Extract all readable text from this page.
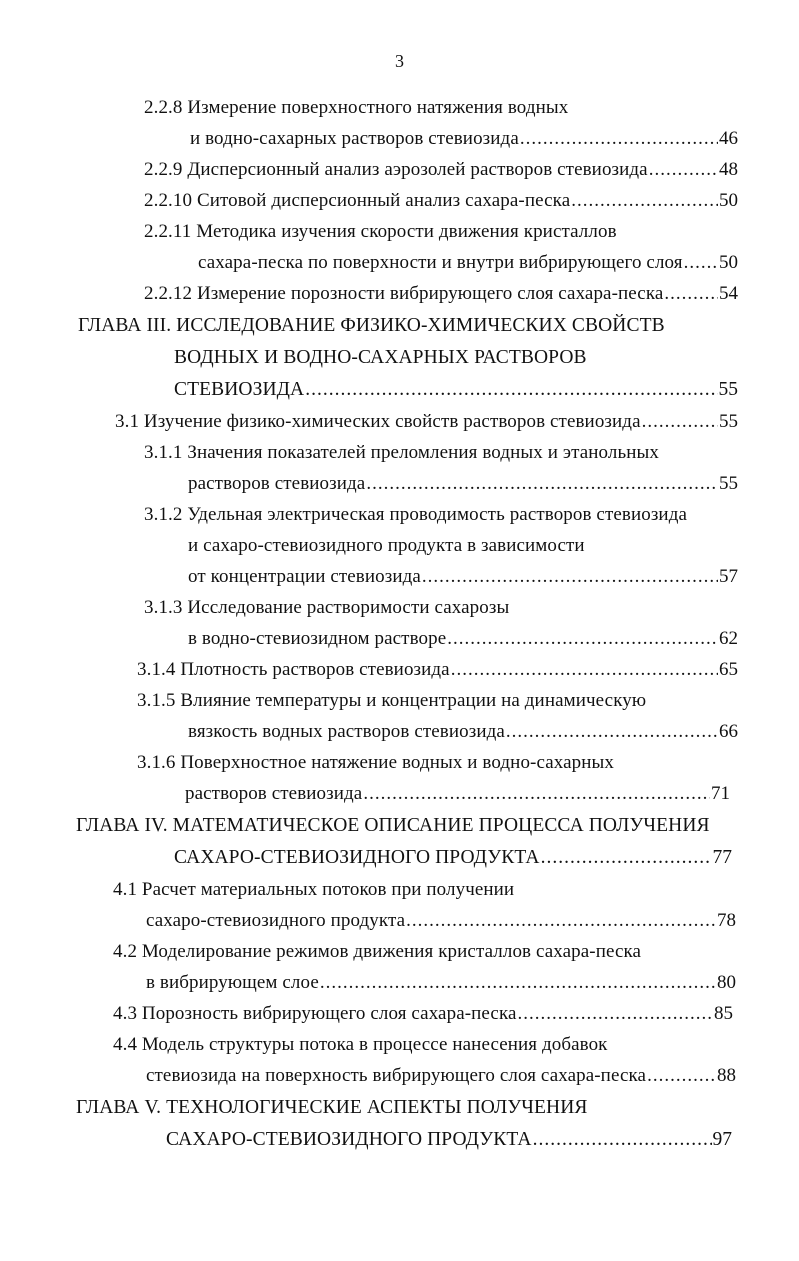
3
2.2.8 Измерение поверхностного натяжения водных
и водно-сахарных растворов стевиозида .....	46
2.2.9 Дисперсионный анализ аэрозолей растворов стевиозида .....	48
2.2.10 Ситовой дисперсионный анализ сахара-песка .....	50
2.2.11 Методика изучения скорости движения кристаллов
сахара-песка по поверхности и внутри вибрирующего слоя ..... 50
2.2.12 Измерение порозности вибрирующего слоя сахара-песка .....	54
ГЛАВА III. ИССЛЕДОВАНИЕ ФИЗИКО-ХИМИЧЕСКИХ СВОЙСТВ
ВОДНЫХ И ВОДНО-САХАРНЫХ РАСТВОРОВ
СТЕВИОЗИДА .....	55
3.1 Изучение физико-химических свойств растворов стевиозида .....	55
3.1.1 Значения показателей преломления водных и этанольных
растворов стевиозида .....	55
3.1.2 Удельная электрическая проводимость растворов стевиозида
и сахаро-стевиозидного продукта в зависимости
от концентрации стевиозида .....	57
3.1.3 Исследование растворимости сахарозы
в водно-стевиозидном растворе .....	62
3.1.4 Плотность растворов стевиозида .....	65
3.1.5 Влияние температуры и концентрации на динамическую
вязкость водных растворов стевиозида .....	66
3.1.6 Поверхностное натяжение водных и водно-сахарных
растворов стевиозида .....	71
ГЛАВА IV. МАТЕМАТИЧЕСКОЕ ОПИСАНИЕ ПРОЦЕССА ПОЛУЧЕНИЯ
САХАРО-СТЕВИОЗИДНОГО ПРОДУКТА .....	77
4.1 Расчет материальных потоков при получении
сахаро-стевиозидного продукта .....	78
4.2 Моделирование режимов движения кристаллов сахара-песка
в вибрирующем слое .....	80
4.3 Порозность вибрирующего слоя сахара-песка .....	85
4.4 Модель структуры потока в процессе нанесения добавок
стевиозида на поверхность вибрирующего слоя сахара-песка .....	88
ГЛАВА V. ТЕХНОЛОГИЧЕСКИЕ АСПЕКТЫ ПОЛУЧЕНИЯ
САХАРО-СТЕВИОЗИДНОГО ПРОДУКТА .....	97
